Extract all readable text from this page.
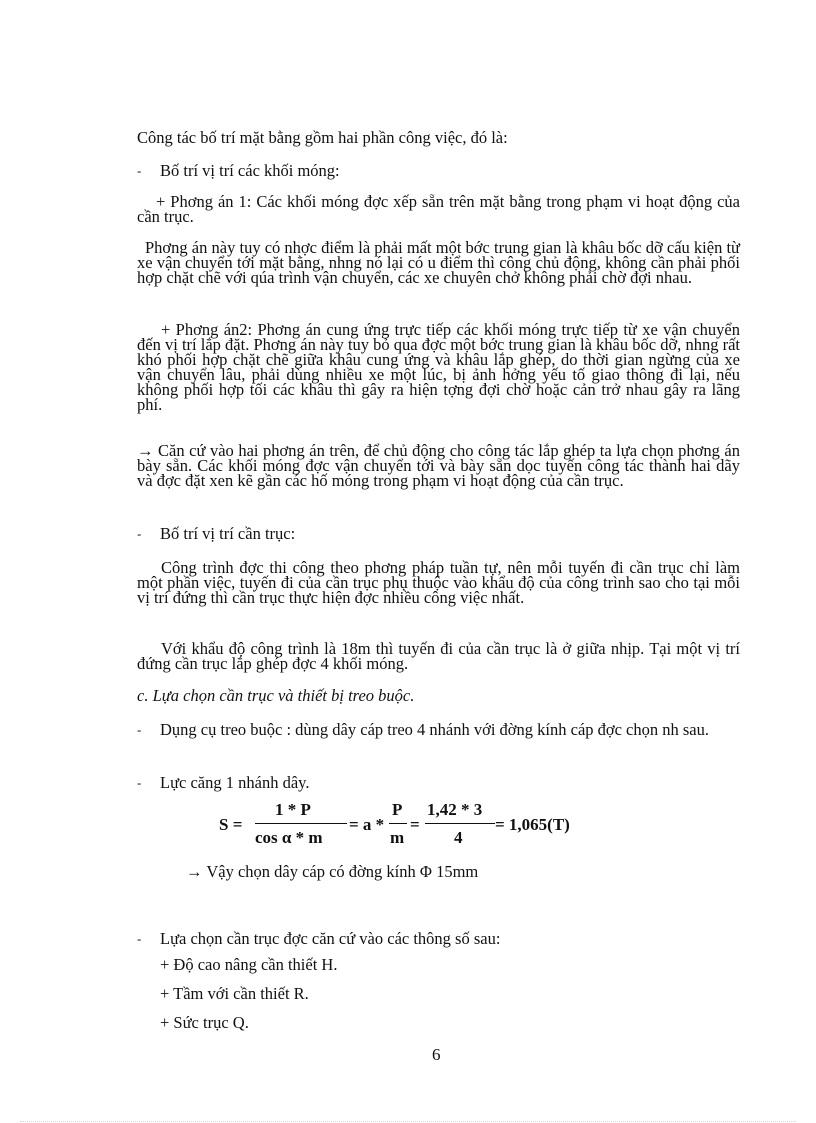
Công tác bố trí mặt bằng gồm hai phần công việc, đó là:
- Bố trí vị trí các khối móng:
+ Phơng án 1: Các khối móng đợc xếp sẵn trên mặt bằng trong phạm vi hoạt động của cần trục.
Phơng án này tuy có nhợc điểm là phải mất một bớc trung gian là khâu bốc dỡ cấu kiện từ xe vận chuyển tới mặt bằng, nhng nó lại có u điểm thì công chủ động, không cần phải phối hợp chặt chẽ với qúa trình vận chuyển, các xe chuyên chở không phải chờ đợi nhau.
+ Phơng án2: Phơng án cung ứng trực tiếp các khối móng trực tiếp từ xe vận chuyển đến vị trí lắp đặt. Phơng án này tuy bỏ qua đợc một bớc trung gian là khâu bốc dỡ, nhng rất khó phối hợp chặt chẽ giữa khâu cung ứng và khâu lắp ghép, do thời gian ngừng của xe vận chuyển lâu, phải dùng nhiều xe một lúc, bị ảnh hởng yếu tố giao thông đi lại, nếu không phối hợp tối các khâu thì gây ra hiện tợng đợi chờ hoặc cản trở nhau gây ra lãng phí.
→ Căn cứ vào hai phơng án trên, để chủ động cho công tác lắp ghép ta lựa chọn phơng án bày sẵn. Các khối móng đợc vận chuyển tới và bày sẵn dọc tuyến công tác thành hai dãy và đợc đặt xen kẽ gần các hố móng trong phạm vi hoạt động của cần trục.
- Bố trí vị trí cần trục:
Công trình đợc thi công theo phơng pháp tuần tự, nên mỗi tuyến đi cần trục chỉ làm một phần việc, tuyến đi của cần trục phụ thuộc vào khẩu độ của công trình sao cho tại mỗi vị trí đứng thì cần trục thực hiện đợc nhiều công việc nhất.
Với khẩu độ công trình là 18m thì tuyến đi của cần trục là ở giữa nhịp. Tại một vị trí đứng cần trục lắp ghép đợc 4 khối móng.
c. Lựa chọn cần trục và thiết bị treo buộc.
- Dụng cụ treo buộc : dùng dây cáp treo 4 nhánh với đờng kính cáp đợc chọn nh sau.
- Lực căng 1 nhánh dây.
S =
1 * P
cos α * m
= a *
P
m
=
1,42 * 3
4
= 1,065(T)
→ Vậy chọn dây cáp có đờng kính Φ 15mm
- Lựa chọn cần trục đợc căn cứ vào các thông số sau:
+ Độ cao nâng cần thiết H.
+ Tầm với cần thiết R.
+ Sức trục Q.
6
